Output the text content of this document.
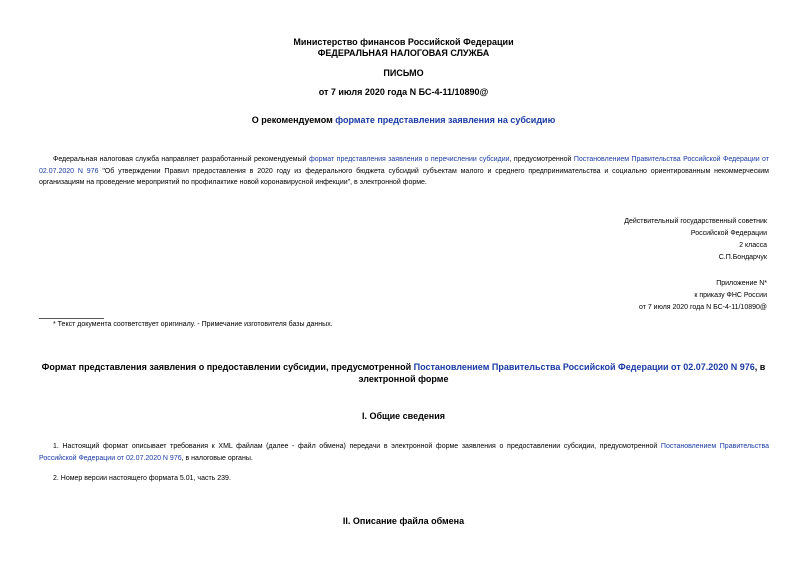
Министерство финансов Российской Федерации
ФЕДЕРАЛЬНАЯ НАЛОГОВАЯ СЛУЖБА
ПИСЬМО
от 7 июля 2020 года N БС-4-11/10890@
О рекомендуемом формате представления заявления на субсидию
Федеральная налоговая служба направляет разработанный рекомендуемый формат представления заявления о перечислении субсидии, предусмотренной Постановлением Правительства Российской Федерации от 02.07.2020 N 976 "Об утверждении Правил предоставления в 2020 году из федерального бюджета субсидий субъектам малого и среднего предпринимательства и социально ориентированным некоммерческим организациям на проведение мероприятий по профилактике новой коронавирусной инфекции", в электронной форме.
Действительный государственный советник
Российской Федерации
2 класса
С.П.Бондарчук
Приложение N*
к приказу ФНС России
от 7 июля 2020 года N БС-4-11/10890@
* Текст документа соответствует оригиналу. - Примечание изготовителя базы данных.
Формат представления заявления о предоставлении субсидии, предусмотренной Постановлением Правительства Российской Федерации от 02.07.2020 N 976, в
электронной форме
I. Общие сведения
1. Настоящий формат описывает требования к XML файлам (далее - файл обмена) передачи в электронной форме заявления о предоставлении субсидии, предусмотренной Постановлением Правительства Российской Федерации от 02.07.2020 N 976, в налоговые органы.
2. Номер версии настоящего формата 5.01, часть 239.
II. Описание файла обмена
